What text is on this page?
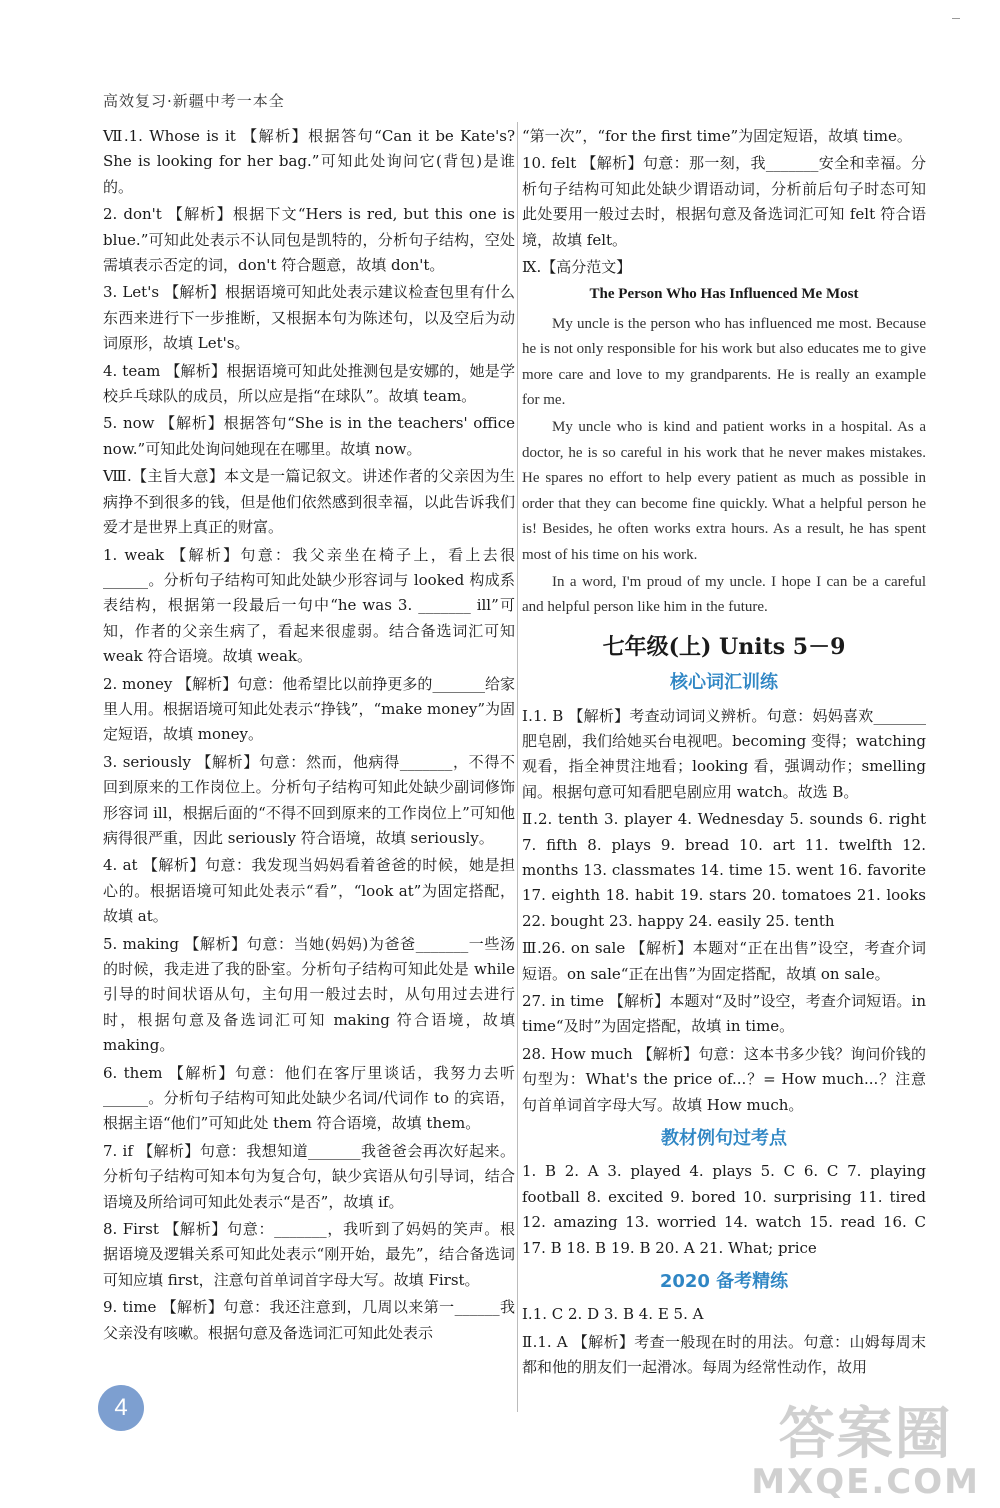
高效复习·新疆中考一本全
Ⅶ.1. Whose is it 【解析】根据答句“Can it be Kate's? She is looking for her bag.”可知此处询问它(背包)是谁的。
2. don't 【解析】根据下文“Hers is red, but this one is blue.”可知此处表示不认同包是凯特的，分析句子结构，空处需填表示否定的词，don't 符合题意，故填 don't。
3. Let's 【解析】根据语境可知此处表示建议检查包里有什么东西来进行下一步推断，又根据本句为陈述句，以及空后为动词原形，故填 Let's。
4. team 【解析】根据语境可知此处推测包是安娜的，她是学校乒乓球队的成员，所以应是指“在球队”。故填 team。
5. now 【解析】根据答句“She is in the teachers' office now.”可知此处询问她现在在哪里。故填 now。
Ⅷ.【主旨大意】本文是一篇记叙文。讲述作者的父亲因为生病挣不到很多的钱，但是他们依然感到很幸福，以此告诉我们爱才是世界上真正的财富。
1. weak 【解析】句意：我父亲坐在椅子上，看上去很______。分析句子结构可知此处缺少形容词与 looked 构成系表结构，根据第一段最后一句中“he was 3. _______ ill”可知，作者的父亲生病了，看起来很虚弱。结合备选词汇可知 weak 符合语境。故填 weak。
2. money 【解析】句意：他希望比以前挣更多的_______给家里人用。根据语境可知此处表示“挣钱”，“make money”为固定短语，故填 money。
3. seriously 【解析】句意：然而，他病得_______，不得不回到原来的工作岗位上。分析句子结构可知此处缺少副词修饰形容词 ill，根据后面的“不得不回到原来的工作岗位上”可知他病得很严重，因此 seriously 符合语境，故填 seriously。
4. at 【解析】句意：我发现当妈妈看着爸爸的时候，她是担心的。根据语境可知此处表示“看”，“look at”为固定搭配，故填 at。
5. making 【解析】句意：当她(妈妈)为爸爸_______一些汤的时候，我走进了我的卧室。分析句子结构可知此处是 while 引导的时间状语从句，主句用一般过去时，从句用过去进行时，根据句意及备选词汇可知 making 符合语境，故填 making。
6. them 【解析】句意：他们在客厅里谈话，我努力去听______。分析句子结构可知此处缺少名词/代词作 to 的宾语，根据主语“他们”可知此处 them 符合语境，故填 them。
7. if 【解析】句意：我想知道_______我爸爸会再次好起来。分析句子结构可知本句为复合句，缺少宾语从句引导词，结合语境及所给词可知此处表示“是否”，故填 if。
8. First 【解析】句意：_______，我听到了妈妈的笑声。根据语境及逻辑关系可知此处表示“刚开始，最先”，结合备选词可知应填 first，注意句首单词首字母大写。故填 First。
9. time 【解析】句意：我还注意到，几周以来第一______我父亲没有咳嗽。根据句意及备选词汇可知此处表示
“第一次”，“for the first time”为固定短语，故填 time。
10. felt 【解析】句意：那一刻，我_______安全和幸福。分析句子结构可知此处缺少谓语动词，分析前后句子时态可知此处要用一般过去时，根据句意及备选词汇可知 felt 符合语境，故填 felt。
Ⅸ.【高分范文】
The Person Who Has Influenced Me Most

My uncle is the person who has influenced me most. Because he is not only responsible for his work but also educates me to give more care and love to my grandparents. He is really an example for me.

My uncle who is kind and patient works in a hospital. As a doctor, he is so careful in his work that he never makes mistakes. He spares no effort to help every patient as much as possible in order that they can become fine quickly. What a helpful person he is! Besides, he often works extra hours. As a result, he has spent most of his time on his work.

In a word, I'm proud of my uncle. I hope I can be a careful and helpful person like him in the future.

七年级(上) Units 5－9
核心词汇训练
Ⅰ.1. B 【解析】考查动词词义辨析。句意：妈妈喜欢_______肥皂剧，我们给她买台电视吧。becoming 变得；watching 观看，指全神贯注地看；looking 看，强调动作；smelling 闻。根据句意可知看肥皂剧应用 watch。故选 B。
Ⅱ.2. tenth 3. player 4. Wednesday 5. sounds 6. right 7. fifth 8. plays 9. bread 10. art 11. twelfth 12. months 13. classmates 14. time 15. went 16. favorite 17. eighth 18. habit 19. stars 20. tomatoes 21. looks 22. bought 23. happy 24. easily 25. tenth
Ⅲ.26. on sale 【解析】本题对“正在出售”设空，考查介词短语。on sale“正在出售”为固定搭配，故填 on sale。
27. in time 【解析】本题对“及时”设空，考查介词短语。in time“及时”为固定搭配，故填 in time。
28. How much 【解析】句意：这本书多少钱？询问价钱的句型为：What's the price of...？= How much...？注意句首单词首字母大写。故填 How much。
教材例句过考点
1. B 2. A 3. played 4. plays 5. C 6. C 7. playing football 8. excited 9. bored 10. surprising 11. tired 12. amazing 13. worried 14. watch 15. read 16. C 17. B 18. B 19. B 20. A 21. What; price
2020 备考精练
Ⅰ.1. C 2. D 3. B 4. E 5. A
Ⅱ.1. A 【解析】考查一般现在时的用法。句意：山姆每周末都和他的朋友们一起滑冰。每周为经常性动作，故用
4	答案圈
MXQE.COM
